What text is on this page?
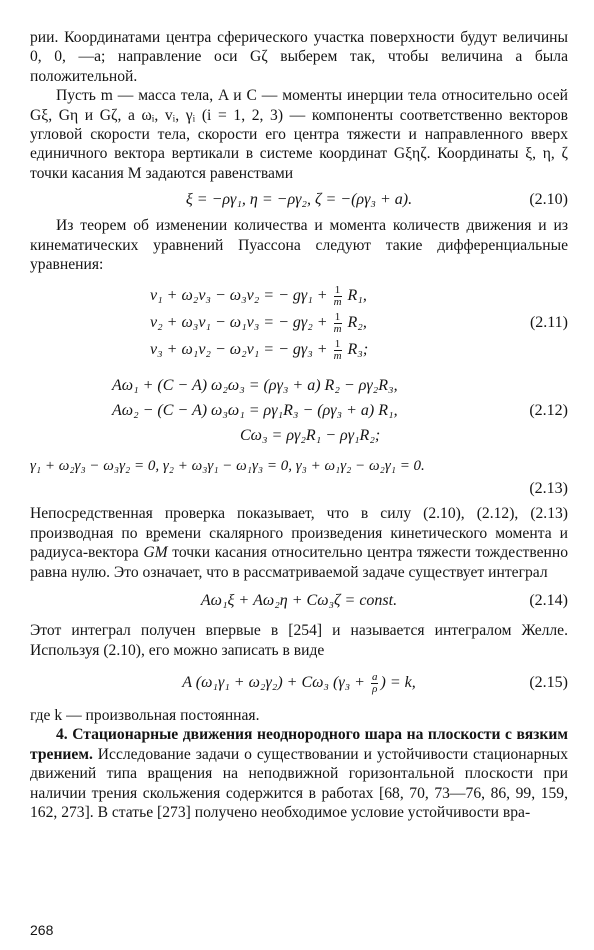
рии. Координатами центра сферического участка поверхности будут величины 0, 0, —a; направление оси Gζ выберем так, чтобы величина a была положительной.

Пусть m — масса тела, A и C — моменты инерции тела относительно осей Gξ, Gη и Gζ, а ωᵢ, vᵢ, γᵢ (i = 1, 2, 3) — компоненты соответственно векторов угловой скорости тела, скорости его центра тяжести и направленного вверх единичного вектора вертикали в системе координат Gξηζ. Координаты ξ, η, ζ точки касания M задаются равенствами

ξ = −ργ₁, η = −ργ₂, ζ = −(ργ₃ + a).	(2.10)

Из теорем об изменении количества и момента количеств движения и из кинематических уравнений Пуассона следуют такие дифференциальные уравнения:

v₁ + ω₂v₃ − ω₃v₂ = − $g\gamma_1 + \frac{1}{m} R_1$,
v₂ + ω₃v₁ − ω₁v₃ = − $g\gamma_2 + \frac{1}{m} R_2$,	(2.11)
v₃ + ω₁v₂ − ω₂v₁ = − $g\gamma_3 + \frac{1}{m} R_3$;
Aω₁ + (C − A) ω₂ω₃ = (ργ₃ + a) R₂ − ργ₂R₃,
Aω₂ − (C − A) ω₃ω₁ = ργ₁R₃ − (ργ₃ + a) R₁,	(2.12)
Cω₃ = ργ₂R₁ − ργ₁R₂;
γ₁ + ω₂γ₃ − ω₃γ₂ = 0, γ₂ + ω₃γ₁ − ω₁γ₃ = 0, γ₃ + ω₁γ₂ − ω₂γ₁ = 0.
(2.13)

Непосредственная проверка показывает, что в силу (2.10), (2.12), (2.13) производная по времени скалярного произведения кинетического момента и радиуса-вектора → GM точки касания относительно центра тяжести тождественно равна нулю. Это означает, что в рассматриваемой задаче существует интеграл

Aω₁ξ + Aω₂η + Cω₃ζ = const.	(2.14)

Этот интеграл получен впервые в [254] и называется интегралом Желле. Используя (2.10), его можно записать в виде

A (ω₁γ₁ + ω₂γ₂) + Cω₃ ($\gamma_3 + \frac{a}{\rho}$ ) = k,	(2.15)

где k — произвольная постоянная.

4. Стационарные движения неоднородного шара на плоскости с вязким трением. Исследование задачи о существовании и устойчивости стационарных движений типа вращения на неподвижной горизонтальной плоскости при наличии трения скольжения содержится в работах [68, 70, 73—76, 86, 99, 159, 162, 273]. В статье [273] получено необходимое условие устойчивости вра-

268
